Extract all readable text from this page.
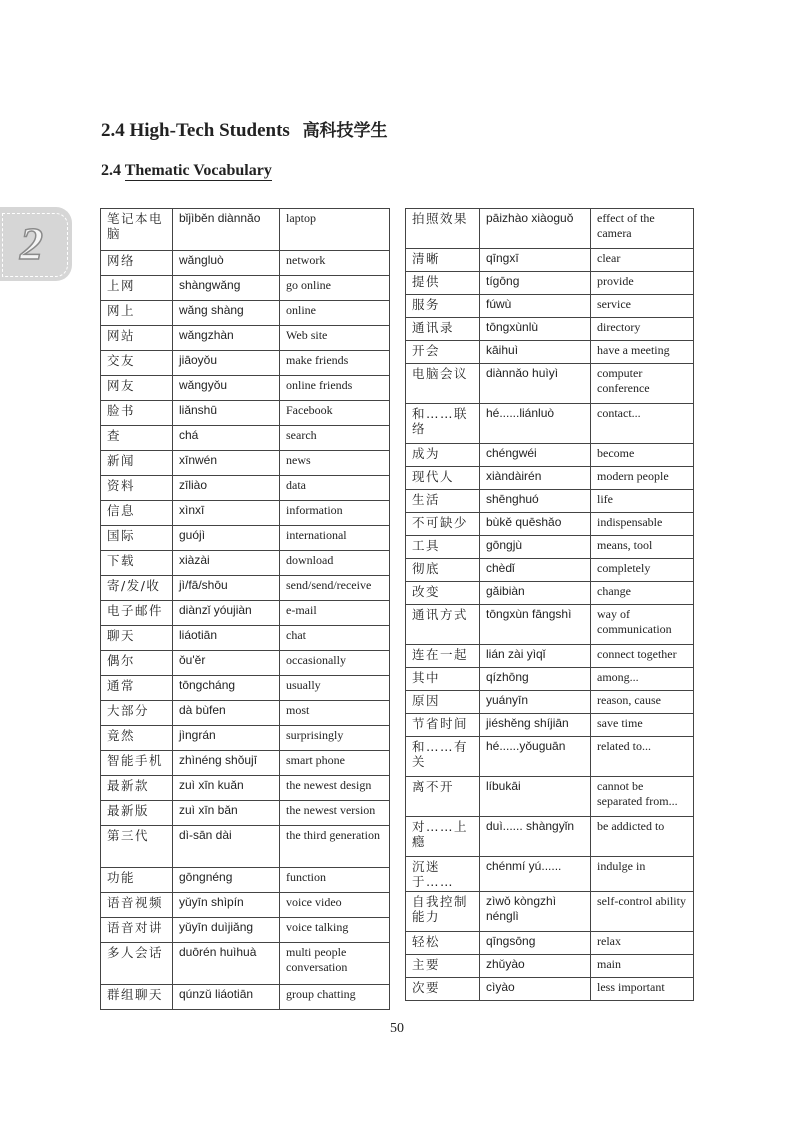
2.4 High-Tech Students 高科技学生
2.4 Thematic Vocabulary
2	笔记本电脑	bǐjìběn diànnǎo	laptop
网络	wǎngluò	network
上网	shàngwǎng	go online
网上	wǎng shàng	online
网站	wǎngzhàn	Web site
交友	jiāoyǒu	make friends
网友	wǎngyǒu	online friends
脸书	liǎnshū	Facebook
查	chá	search
新闻	xīnwén	news
资料	zīliào	data
信息	xìnxī	information
国际	guójì	international
下载	xiàzài	download
寄/发/收	jì/fā/shōu	send/send/receive
电子邮件	diànzǐ yóujiàn	e-mail
聊天	liáotiān	chat
偶尔	ǒu'ěr	occasionally
通常	tōngcháng	usually
大部分	dà bùfen	most
竟然	jìngrán	surprisingly
智能手机	zhìnéng shǒujī	smart phone
最新款	zuì xīn kuǎn	the newest design
最新版	zuì xīn bǎn	the newest version
第三代	dì-sān dài	the third generation
功能	gōngnéng	function
语音视频	yǔyīn shìpín	voice video
语音对讲	yǔyīn duìjiǎng	voice talking
多人会话	duōrén huìhuà	multi people conversation
群组聊天	qúnzǔ liáotiān	group chatting
拍照效果	pāizhào xiàoguǒ	effect of the camera
清晰	qīngxī	clear
提供	tígōng	provide
服务	fúwù	service
通讯录	tōngxùnlù	directory
开会	kāihuì	have a meeting
电脑会议	diànnǎo huìyì	computer conference
和……联络	hé......liánluò	contact...
成为	chéngwéi	become
现代人	xiàndàirén	modern people
生活	shēnghuó	life
不可缺少	bùkě quēshǎo	indispensable
工具	gōngjù	means, tool
彻底	chèdǐ	completely
改变	gǎibiàn	change
通讯方式	tōngxùn fāngshì	way of communication
连在一起	lián zài yìqǐ	connect together
其中	qízhōng	among...
原因	yuányīn	reason, cause
节省时间	jiéshěng shíjiān	save time
和……有关	hé......yǒuguān	related to...
离不开	líbukāi	cannot be separated from...
对……上瘾	duì...... shàngyǐn	be addicted to
沉迷于……	chénmí yú......	indulge in
自我控制能力	zìwǒ kòngzhì nénglì	self-control ability
轻松	qīngsōng	relax
主要	zhǔyào	main
次要	cìyào	less important
50
